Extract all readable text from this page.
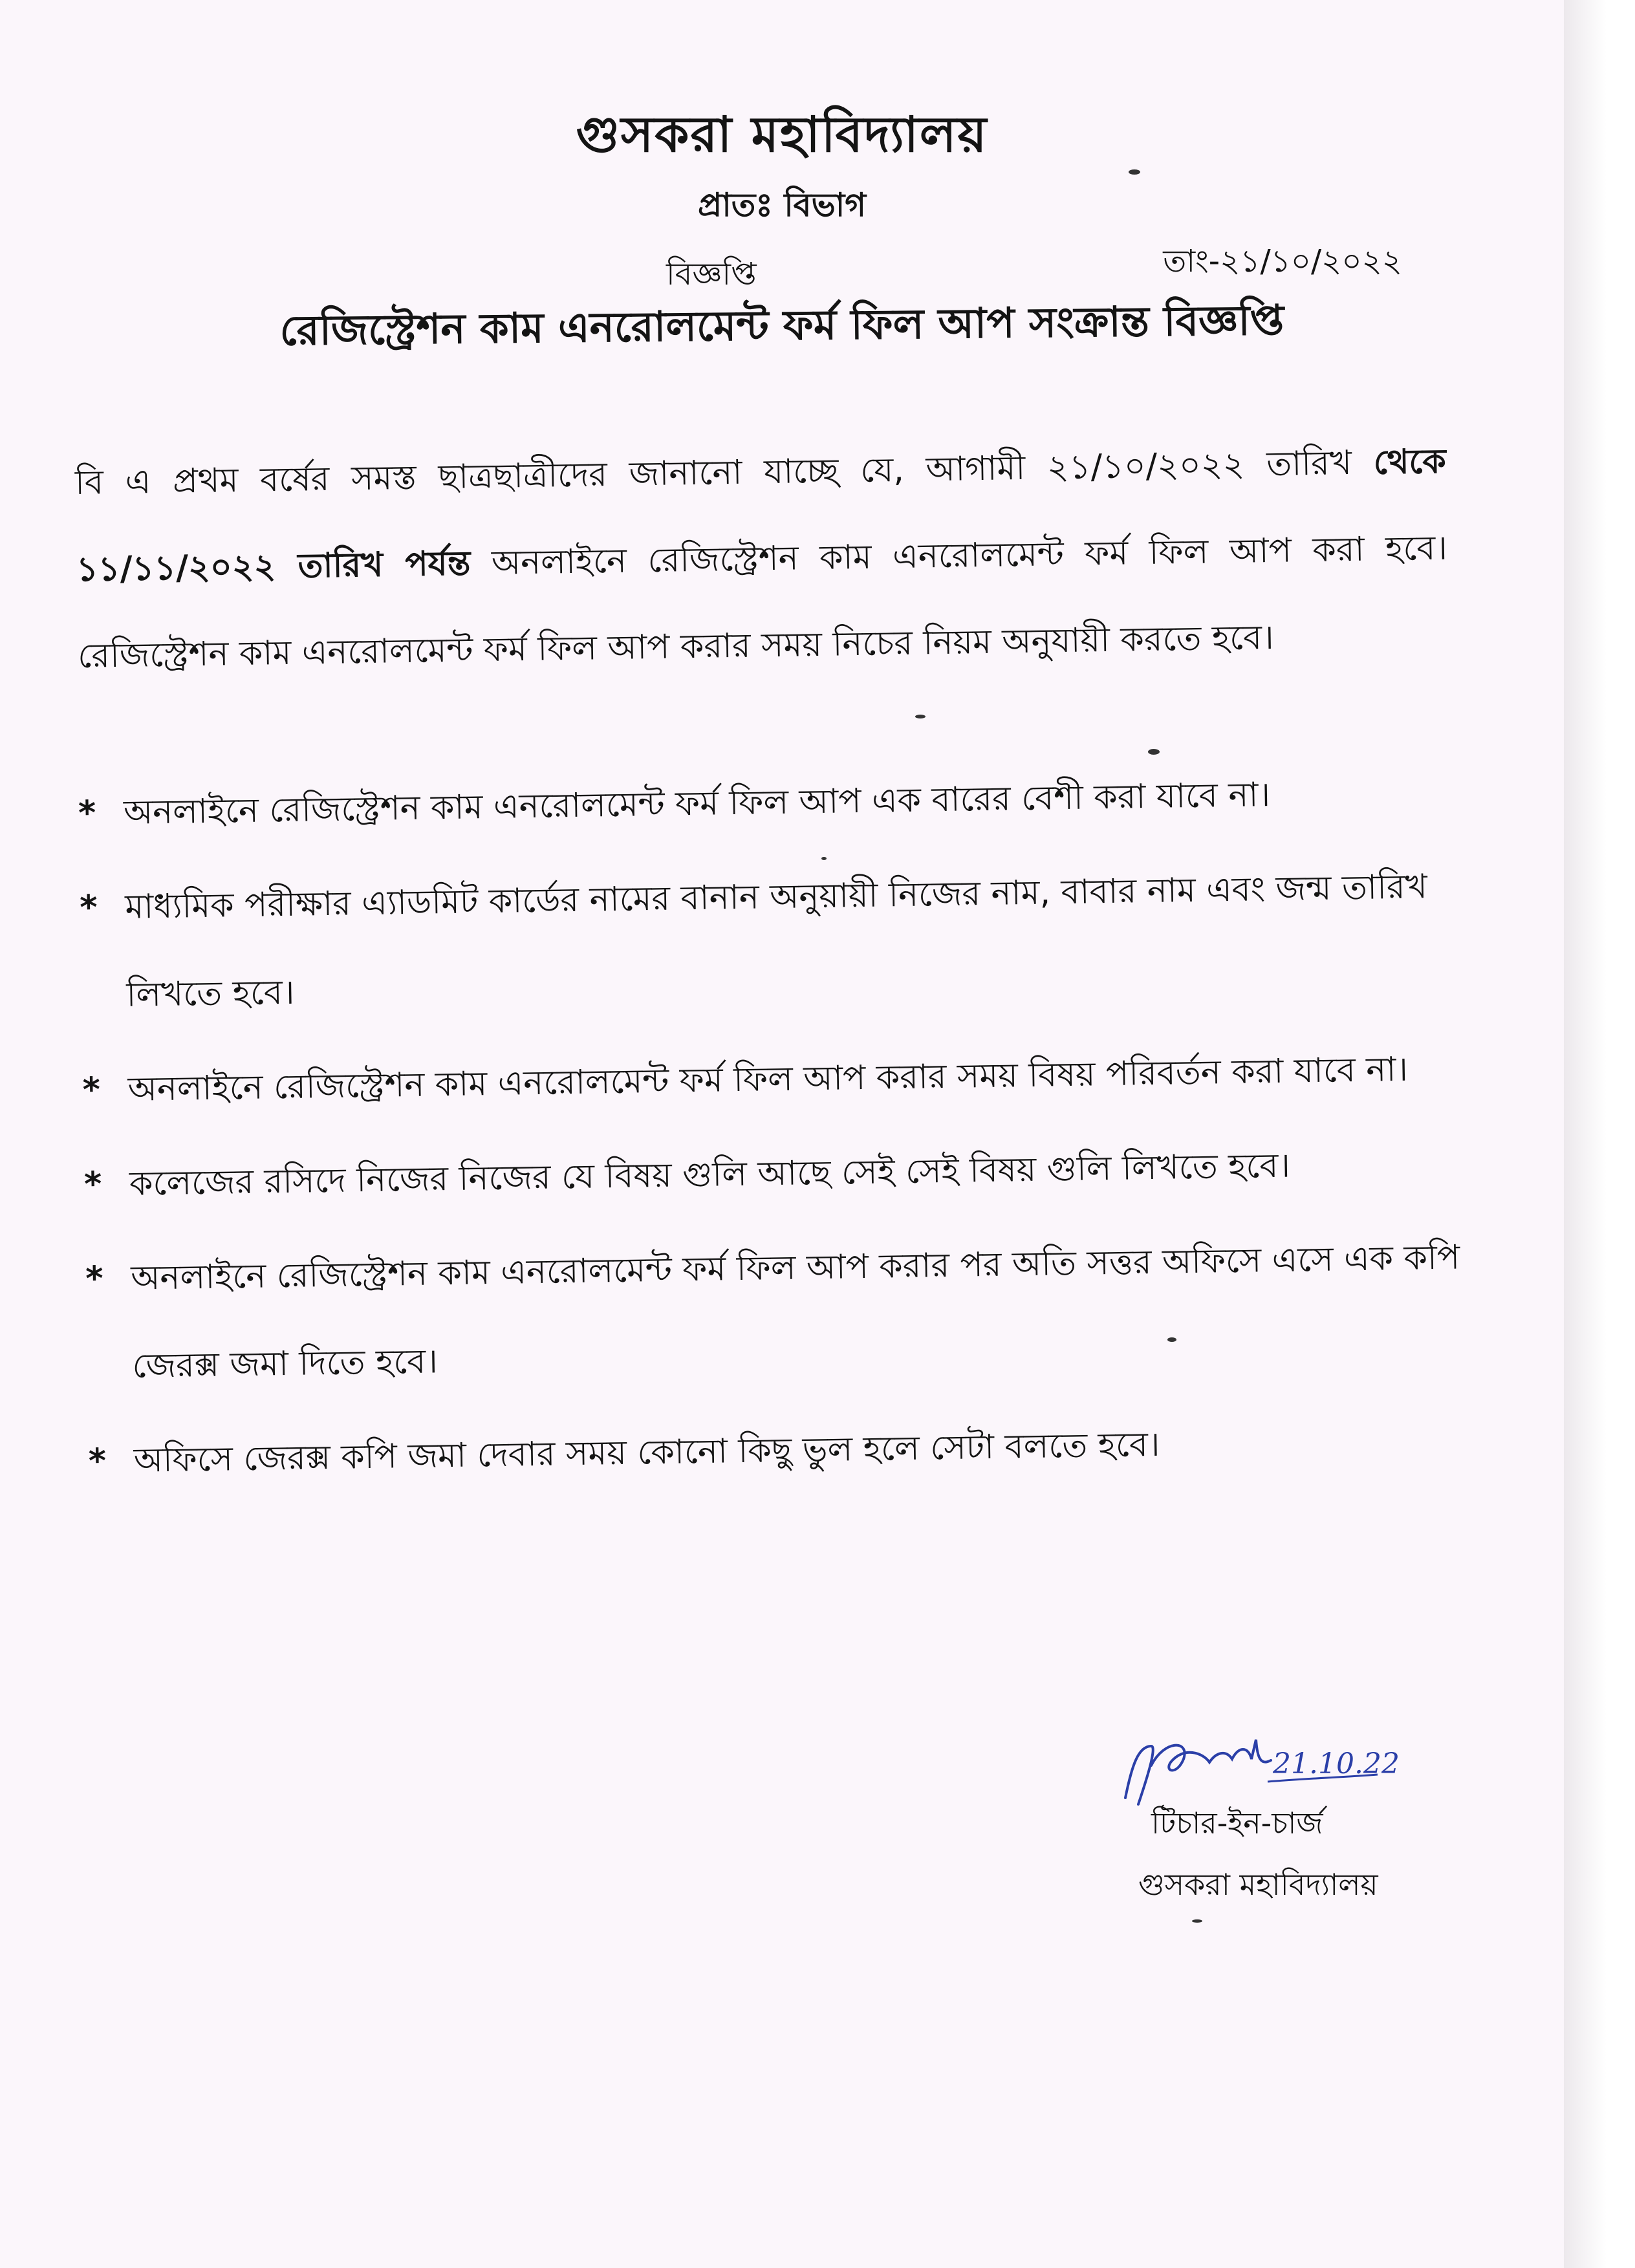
গুসকরা মহাবিদ্যালয়
প্রাতঃ বিভাগ
বিজ্ঞপ্তি	তাং-২১/১০/২০২২
রেজিস্ট্রেশন কাম এনরোলমেন্ট ফর্ম ফিল আপ সংক্রান্ত বিজ্ঞপ্তি
বি এ প্রথম বর্ষের সমস্ত ছাত্রছাত্রীদের জানানো যাচ্ছে যে, আগামী ২১/১০/২০২২ তারিখ থেকে ১১/১১/২০২২ তারিখ পর্যন্ত অনলাইনে রেজিস্ট্রেশন কাম এনরোলমেন্ট ফর্ম ফিল আপ করা হবে। রেজিস্ট্রেশন কাম এনরোলমেন্ট ফর্ম ফিল আপ করার সময় নিচের নিয়ম অনুযায়ী করতে হবে।
* অনলাইনে রেজিস্ট্রেশন কাম এনরোলমেন্ট ফর্ম ফিল আপ এক বারের বেশী করা যাবে না।
* মাধ্যমিক পরীক্ষার এ্যাডমিট কার্ডের নামের বানান অনুয়ায়ী নিজের নাম, বাবার নাম এবং জন্ম তারিখ লিখতে হবে।
* অনলাইনে রেজিস্ট্রেশন কাম এনরোলমেন্ট ফর্ম ফিল আপ করার সময় বিষয় পরিবর্তন করা যাবে না।
* কলেজের রসিদে নিজের নিজের যে বিষয় গুলি আছে সেই সেই বিষয় গুলি লিখতে হবে।
* অনলাইনে রেজিস্ট্রেশন কাম এনরোলমেন্ট ফর্ম ফিল আপ করার পর অতি সত্তর অফিসে এসে এক কপি জেরক্স জমা দিতে হবে।
* অফিসে জেরক্স কপি জমা দেবার সময় কোনো কিছু ভুল হলে সেটা বলতে হবে।
21.10.22
টিচার-ইন-চার্জ
গুসকরা মহাবিদ্যালয়
